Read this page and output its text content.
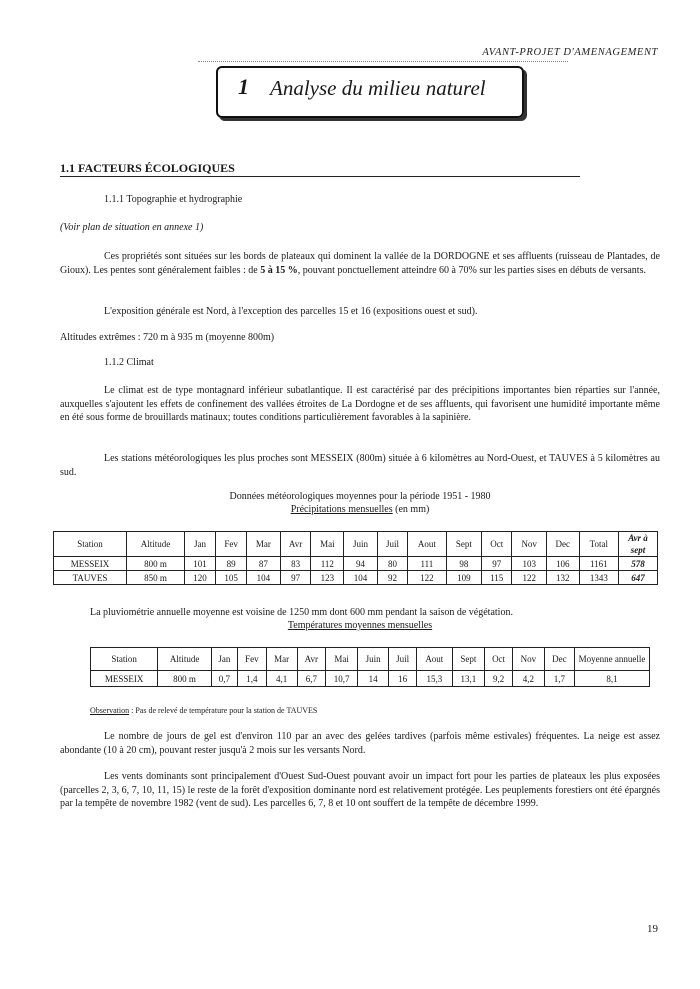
AVANT-PROJET D'AMENAGEMENT
1 Analyse du milieu naturel
1.1 FACTEURS ÉCOLOGIQUES
1.1.1 Topographie et hydrographie
(Voir plan de situation en annexe 1)
Ces propriétés sont situées sur les bords de plateaux qui dominent la vallée de la DORDOGNE et ses affluents (ruisseau de Plantades, de Gioux). Les pentes sont généralement faibles : de 5 à 15 %, pouvant ponctuellement atteindre 60 à 70% sur les parties sises en débuts de versants.
L'exposition générale est Nord, à l'exception des parcelles 15 et 16 (expositions ouest et sud).
Altitudes extrêmes : 720 m à 935 m (moyenne 800m)
1.1.2 Climat
Le climat est de type montagnard inférieur subatlantique. Il est caractérisé par des précipitions importantes bien réparties sur l'année, auxquelles s'ajoutent les effets de confinement des vallées étroites de La Dordogne et de ses affluents, qui favorisent une humidité importante même en été sous forme de brouillards matinaux; toutes conditions particulièrement favorables à la sapinière.
Les stations météorologiques les plus proches sont MESSEIX (800m) située à 6 kilomètres au Nord-Ouest, et TAUVES à 5 kilomètres au sud.
Données météorologiques moyennes pour la période 1951 - 1980
Précipitations mensuelles (en mm)
Station	Altitude	Jan	Fev	Mar	Avr	Mai	Juin	Juil	Aout	Sept	Oct	Nov	Dec	Total	Avr à sept
MESSEIX	800 m	101	89	87	83	112	94	80	111	98	97	103	106	1161	578
TAUVES	850 m	120	105	104	97	123	104	92	122	109	115	122	132	1343	647
La pluviométrie annuelle moyenne est voisine de 1250 mm dont 600 mm pendant la saison de végétation.
Températures moyennes mensuelles
Station	Altitude	Jan	Fev	Mar	Avr	Mai	Juin	Juil	Aout	Sept	Oct	Nov	Dec	Moyenne annuelle
MESSEIX	800 m	0,7	1,4	4,1	6,7	10,7	14	16	15,3	13,1	9,2	4,2	1,7	8,1
Observation : Pas de relevé de température pour la station de TAUVES
Le nombre de jours de gel est d'environ 110 par an avec des gelées tardives (parfois même estivales) fréquentes. La neige est assez abondante (10 à 20 cm), pouvant rester jusqu'à 2 mois sur les versants Nord.
Les vents dominants sont principalement d'Ouest Sud-Ouest pouvant avoir un impact fort pour les parties de plateaux les plus exposées (parcelles 2, 3, 6, 7, 10, 11, 15) le reste de la forêt d'exposition dominante nord est relativement protégée. Les peuplements forestiers ont été épargnés par la tempête de novembre 1982 (vent de sud). Les parcelles 6, 7, 8 et 10 ont souffert de la tempête de décembre 1999.
19
